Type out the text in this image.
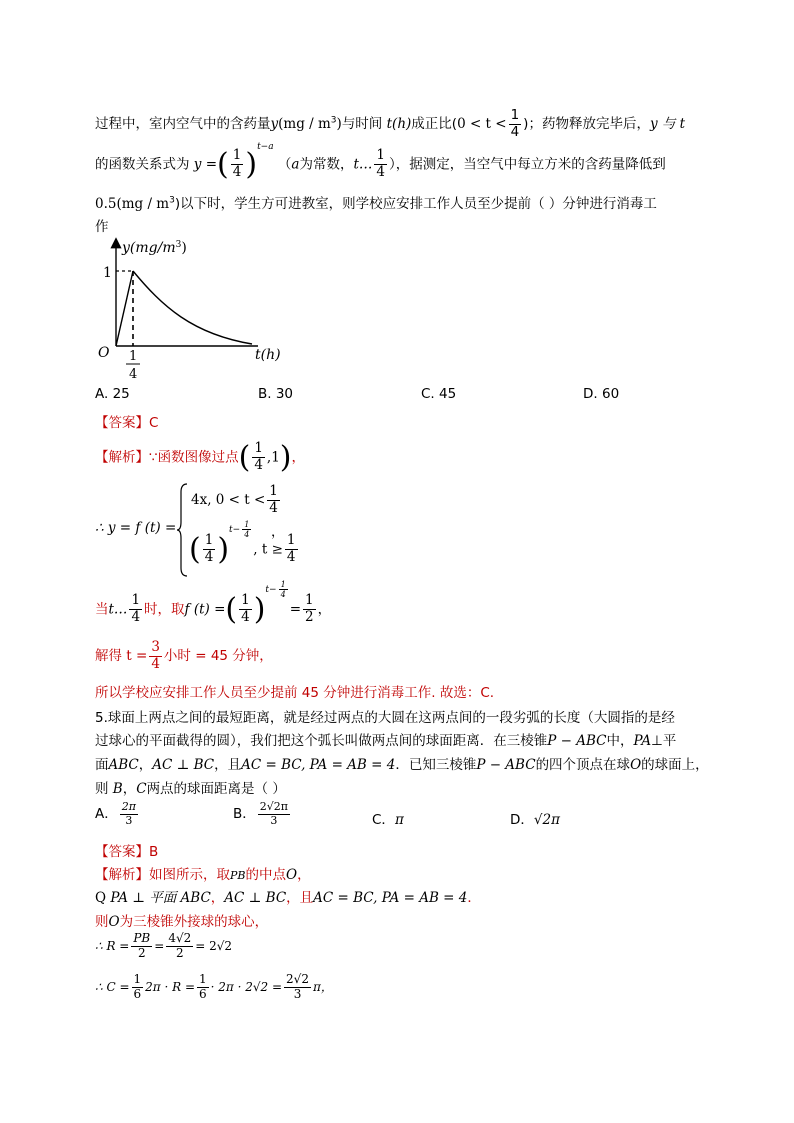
过程中，室内空气中的含药量$y(mg / m^3)$与时间 t(h)成正比($0 < t < \frac{1}{4}$ )；药物释放完毕后，y 与 t
的函数关系式为 y =( $\frac{1}{4} )^{t-a}$ （a为常数，t… $\frac{1}{4}$ ），据测定，当空气中每立方米的含药量降低到
$0.5(mg / m^3)$以下时，学生方可进教室，则学校应安排工作人员至少提前（ ）分钟进行消毒工
作
$y(mg/m^3)$
1
O 1
4
t(h)
A. 25	B. 30	C. 45	D. 60
【答案】C
【解析】∵函数图像过点( $\frac{1}{4} ,1$)，
∴ y = f (t) =
4x, $0 < t < \frac{1}{4}$
( $\frac{1}{4} )^{t- \frac{1}{4}}$
, $t \ge \frac{1}{4}$
，
当t… $\frac{1}{4}$ 时，取f (t) =( $\frac{1}{4} )^{t- \frac{1}{4}}$
= $\frac{1}{2}$ ，
解得 $t = \frac{3}{4}$ 小时 = 45 分钟，
所以学校应安排工作人员至少提前 45 分钟进行消毒工作. 故选：C.
5.球面上两点之间的最短距离，就是经过两点的大圆在这两点间的一段劣弧的长度（大圆指的是经
过球心的平面截得的圆），我们把这个弧长叫做两点间的球面距离．在三棱锥P − ABC中，PA⊥平
面ABC，AC ⊥ BC，且AC = BC, PA = AB = 4．已知三棱锥P − ABC的四个顶点在球O的球面上，
则 B，C两点的球面距离是（ ）
A． $\frac{2\pi}{3}$	B． $\frac{2√2\pi}{3}$	C．π	D．√2π
【答案】B
【解析】如图所示，取PB的中点O，
Q PA ⊥ 平面 ABC，AC ⊥ BC，且AC = BC, PA = AB = 4．
则O为三棱锥外接球的球心，
∴ $R = \frac{PB}{2} = \frac{4√2}{2} = 2√2$
∴ $C = \frac{1}{6} 2\pi \cdot R = \frac{1}{6} \cdot 2\pi \cdot 2√2 = \frac{2√2}{3}$ π，
